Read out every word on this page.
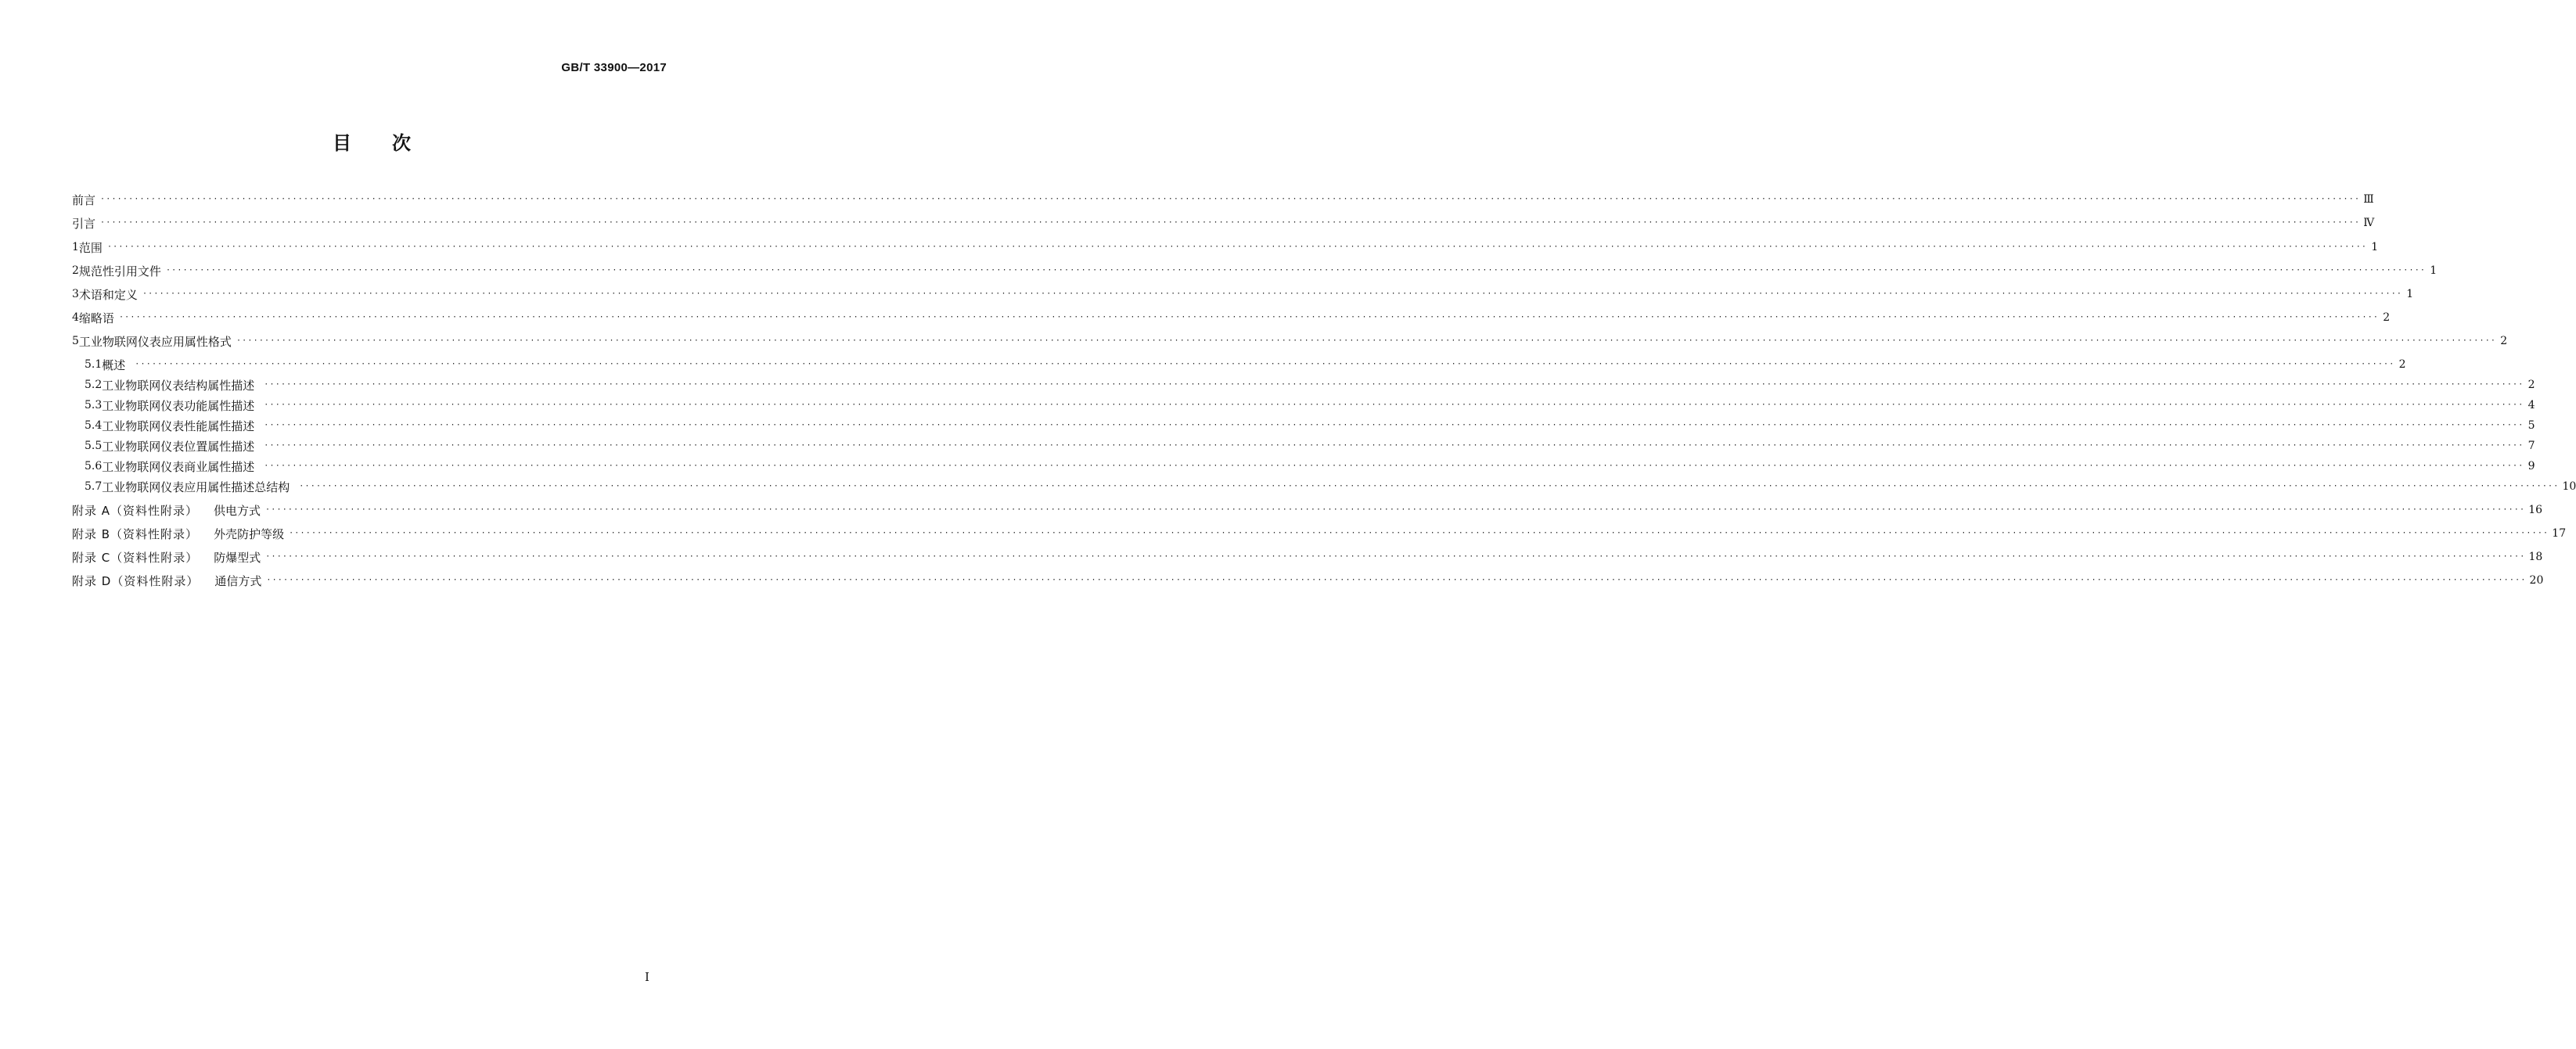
GB/T 33900—2017
目次
前言 ················································································································································································································································································································································································································ Ⅲ
引言 ················································································································································································································································································································································································································ Ⅳ
1 范围 ················································································································································································································································································································································································································ 1
2 规范性引用文件 ················································································································································································································································································································································································································ 1
3 术语和定义 ················································································································································································································································································································································································································ 1
4 缩略语 ················································································································································································································································································································································································································ 2
5 工业物联网仪表应用属性格式 ················································································································································································································································································································································································································ 2
5.1 概述 ················································································································································································································································································································································································································ 2
5.2 工业物联网仪表结构属性描述 ················································································································································································································································································································································································································ 2
5.3 工业物联网仪表功能属性描述 ················································································································································································································································································································································································································ 4
5.4 工业物联网仪表性能属性描述 ················································································································································································································································································································································································································ 5
5.5 工业物联网仪表位置属性描述 ················································································································································································································································································································································································································ 7
5.6 工业物联网仪表商业属性描述 ················································································································································································································································································································································································································ 9
5.7 工业物联网仪表应用属性描述总结构 ················································································································································································································································································································································································································ 10
附录 A（资料性附录） 供电方式 ················································································································································································································································································································································································································ 16
附录 B（资料性附录） 外壳防护等级 ················································································································································································································································································································································································································ 17
附录 C（资料性附录） 防爆型式 ················································································································································································································································································································································································································ 18
附录 D（资料性附录） 通信方式 ················································································································································································································································································································································································································ 20
Ⅰ
